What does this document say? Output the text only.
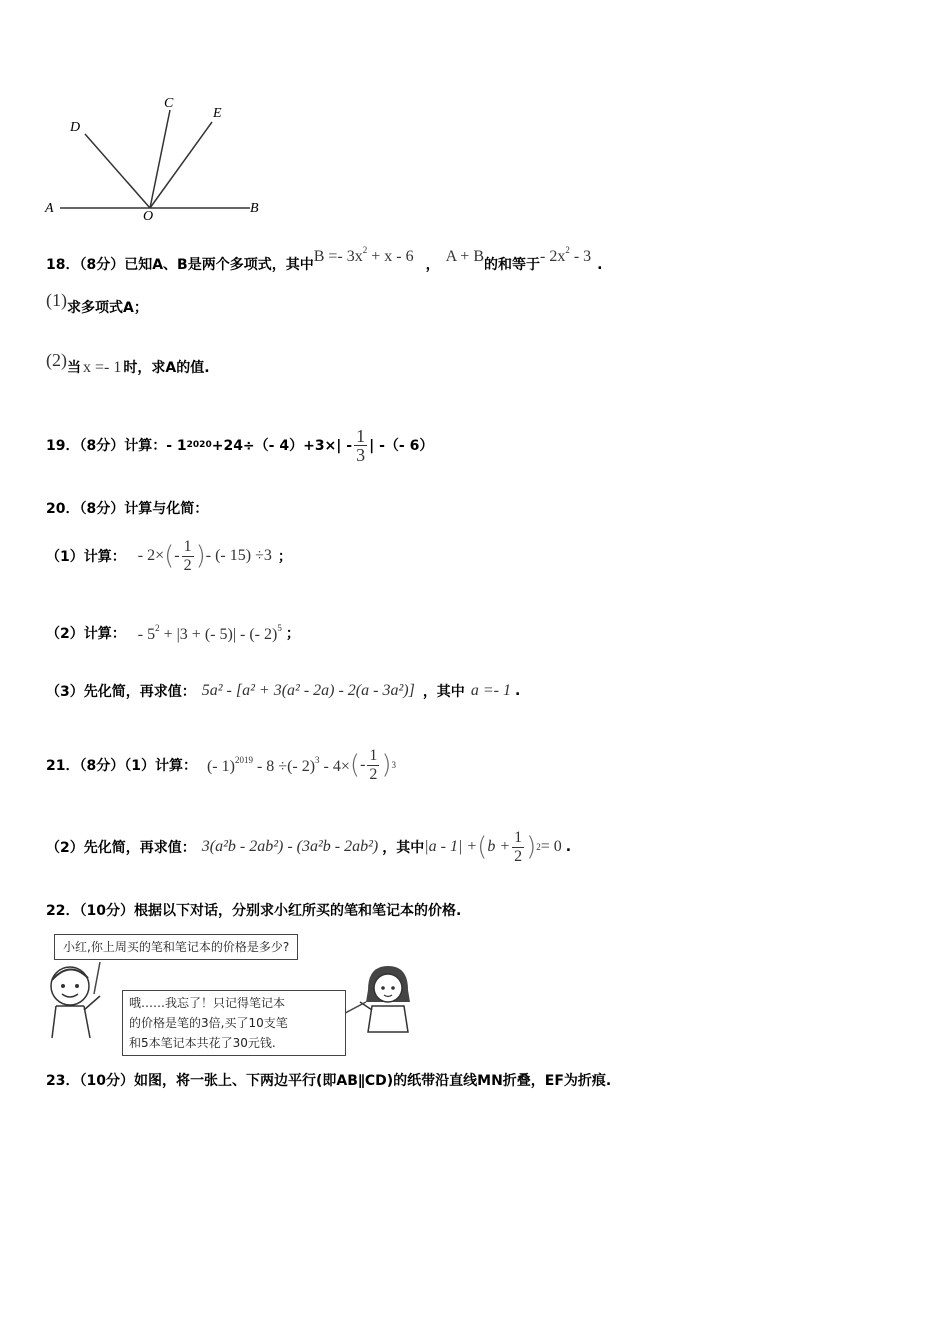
A
O
B
D
C
E
18．（8分）已知A、B是两个多项式，其中$B =- 3x^2 + x - 6$ ， A + B的和等于- $2x^2 - 3$ .
(1)求多项式A；
(2)当 x =- 1 时，求A的值.
19．（8分）计算：- 1 2020 +24÷（- $4)+3\times| - \frac{1}{3}$ | -（- 6）
20．（8分）计算与化简：
（1）计算： - 2× ( - $\frac{1}{2}$ ) - (- 15) ÷3 ；
（2）计算： - $5^2 + |3$ + (- 5)| - (- 2)$^5$ ；
（3）先化简，再求值： 5a² - [a² + 3(a² - 2a) - 2(a - 3a²)] ，其中 a =- 1 .
21．（8分）（1）计算： (- 1)$^{2019}$ - 8 ÷(- 2)$^3$ - 4× ( - $\frac{1}{2}$ ) 3
（2）先化简，再求值： 3(a²b - 2ab²) - (3a²b - 2ab²) ，其中 |a - 1| + ( $b + \frac{1}{2}$ ) 2 = 0 .
22．（10分）根据以下对话，分别求小红所买的笔和笔记本的价格.
小红,你上周买的笔和笔记本的价格是多少?
哦……我忘了！只记得笔记本
的价格是笔的3倍,买了10支笔
和5本笔记本共花了30元钱.
23．（10分）如图，将一张上、下两边平行(即AB∥CD)的纸带沿直线MN折叠，EF为折痕.
